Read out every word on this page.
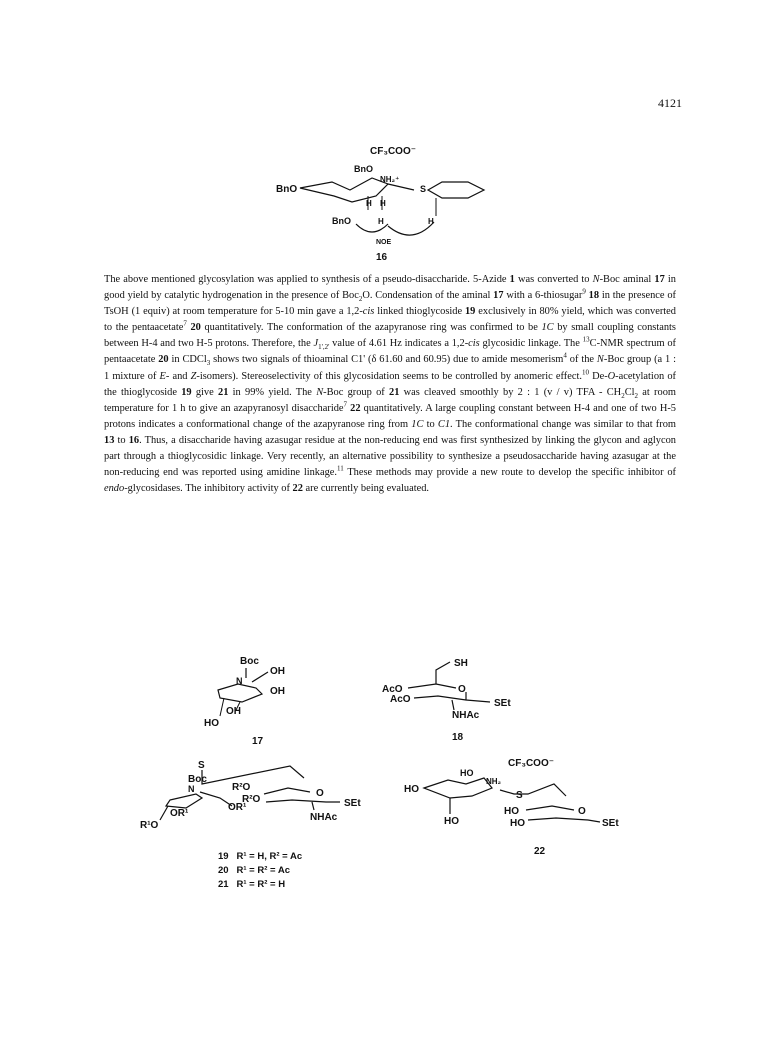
4121
CF₃COO⁻
BnO
NH₂⁺
BnO
BnO
S
H H
H	H
NOE
16

The above mentioned glycosylation was applied to synthesis of a pseudo-disaccharide. 5-Azide 1 was converted to N-Boc aminal 17 in good yield by catalytic hydrogenation in the presence of Boc$_2$O. Condensation of the aminal 17 with a 6-thiosugar$^9$ 18 in the presence of TsOH (1 equiv) at room temperature for 5-10 min gave a 1,2-cis linked thioglycoside 19 exclusively in 80% yield, which was converted to the pentaacetate$^7$ 20 quantitatively. The conformation of the azapyranose ring was confirmed to be 1C by small coupling constants between H-4 and two H-5 protons. Therefore, the $J_{1',2'}$ value of 4.61 Hz indicates a 1,2-cis glycosidic linkage. The $^{13}$C-NMR spectrum of pentaacetate 20 in CDCl$_3$ shows two signals of thioaminal C1' (δ 61.60 and 60.95) due to amide mesomerism$^4$ of the N-Boc group (a 1 : 1 mixture of E- and Z-isomers). Stereoselectivity of this glycosidation seems to be controlled by anomeric effect.$^{10}$ De-O-acetylation of the thioglycoside 19 give 21 in 99% yield. The N-Boc group of 21 was cleaved smoothly by 2 : 1 (v / v) TFA - $CH_2Cl_2$ at room temperature for 1 h to give an azapyranosyl disaccharide$^7$ 22 quantitatively. A large coupling constant between H-4 and one of two H-5 protons indicates a conformational change of the azapyranose ring from 1C to C1. The conformational change was similar to that from 13 to 16. Thus, a disaccharide having azasugar residue at the non-reducing end was first synthesized by linking the glycon and aglycon part through a thioglycosidic linkage. Very recently, an alternative possibility to synthesize a pseudosaccharide having azasugar at the non-reducing end was reported using amidine linkage.$^{11}$ These methods may provide a new route to develop the specific inhibitor of endo-glycosidases. The inhibitory activity of 22 are currently being evaluated.

Boc
OH
N
OH
OH
HO
17
SH
AcO
AcO
O
SEt
NHAc
18
S
Boc
N	R²O
R²O
O
SEt
OR¹
OR¹
R¹O
NHAc
19 R¹ = H, R² = Ac
20 R¹ = R² = Ac
21 R¹ = R² = H
CF₃COO⁻
HO
NH₂
HO
S
HO
HO
O
SEt
HO
22
